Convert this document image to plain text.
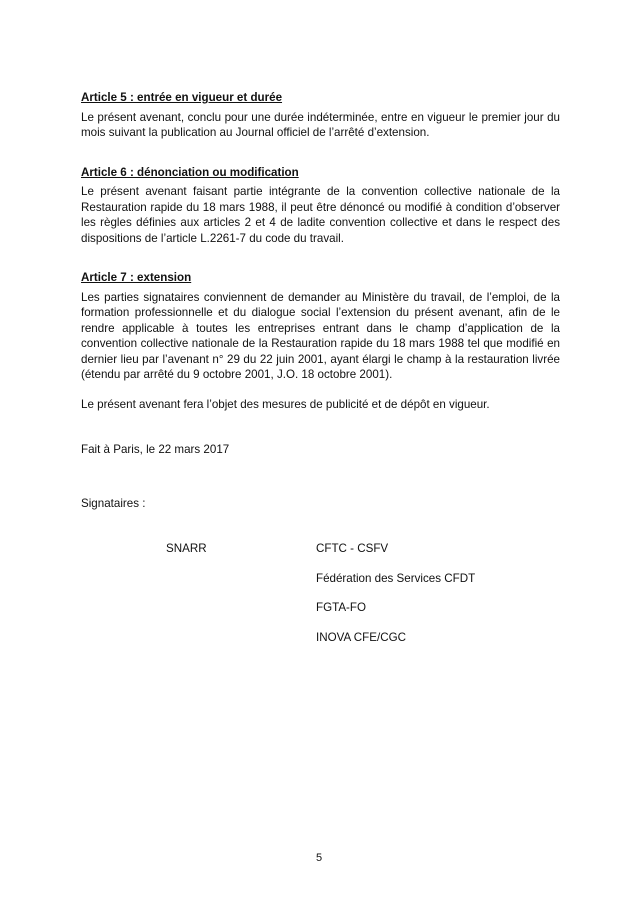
Article 5 : entrée en vigueur et durée

Le présent avenant, conclu pour une durée indéterminée, entre en vigueur le premier jour du mois suivant la publication au Journal officiel de l’arrêté d’extension.

Article 6 : dénonciation ou modification

Le présent avenant faisant partie intégrante de la convention collective nationale de la Restauration rapide du 18 mars 1988, il peut être dénoncé ou modifié à condition d’observer les règles définies aux articles 2 et 4 de ladite convention collective et dans le respect des dispositions de l’article L.2261-7 du code du travail.

Article 7 : extension

Les parties signataires conviennent de demander au Ministère du travail, de l’emploi, de la formation professionnelle et du dialogue social l’extension du présent avenant, afin de le rendre applicable à toutes les entreprises entrant dans le champ d’application de la convention collective nationale de la Restauration rapide du 18 mars 1988 tel que modifié en dernier lieu par l’avenant n° 29 du 22 juin 2001, ayant élargi le champ à la restauration livrée (étendu par arrêté du 9 octobre 2001, J.O. 18 octobre 2001).

Le présent avenant fera l’objet des mesures de publicité et de dépôt en vigueur.

Fait à Paris, le 22 mars 2017
Signataires :
SNARR	CFTC - CSFV
Fédération des Services CFDT
FGTA-FO
INOVA CFE/CGC
5
